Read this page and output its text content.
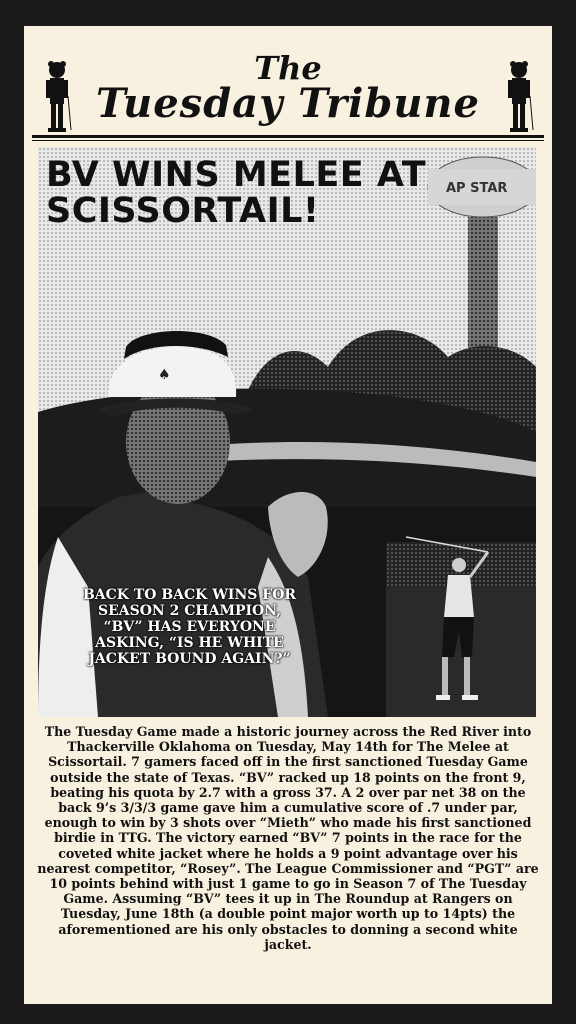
The
Tuesday Tribune
AP STAR
♠
BV WINS MELEE AT SCISSORTAIL!
BACK TO BACK WINS FOR SEASON 2 CHAMPION, “BV” HAS EVERYONE ASKING, “IS HE WHITE JACKET BOUND AGAIN?”
The Tuesday Game made a historic journey across the Red River into Thackerville Oklahoma on Tuesday, May 14th for The Melee at Scissortail. 7 gamers faced off in the first sanctioned Tuesday Game outside the state of Texas. “BV” racked up 18 points on the front 9, beating his quota by 2.7 with a gross 37. A 2 over par net 38 on the back 9’s 3/3/3 game gave him a cumulative score of .7 under par, enough to win by 3 shots over “Mieth” who made his first sanctioned birdie in TTG. The victory earned “BV” 7 points in the race for the coveted white jacket where he holds a 9 point advantage over his nearest competitor, “Rosey”. The League Commissioner and “PGT” are 10 points behind with just 1 game to go in Season 7 of The Tuesday Game. Assuming “BV” tees it up in The Roundup at Rangers on Tuesday, June 18th (a double point major worth up to 14pts) the aforementioned are his only obstacles to donning a second white jacket.
